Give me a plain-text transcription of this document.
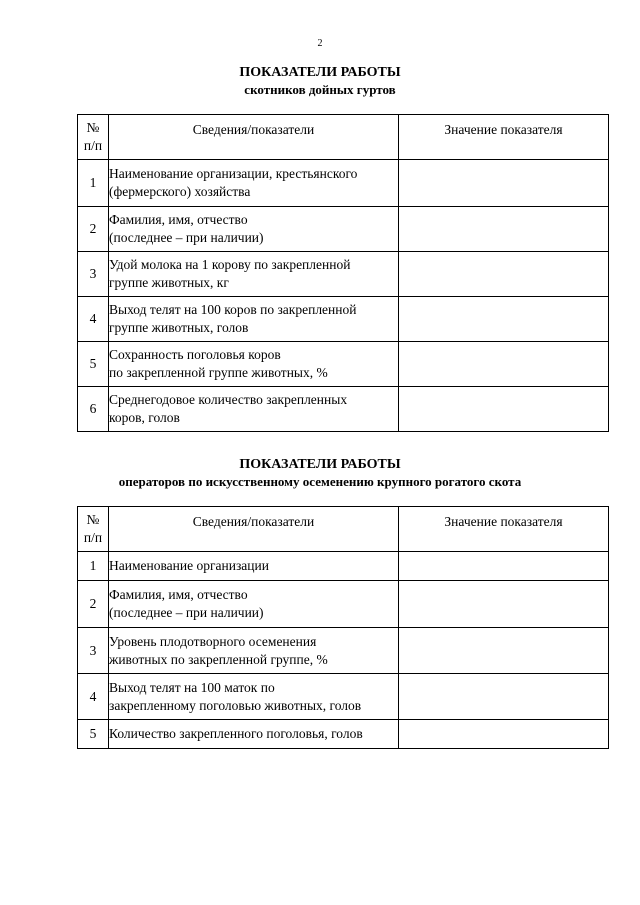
2
ПОКАЗАТЕЛИ РАБОТЫ
скотников дойных гуртов
№
п/п	Сведения/показатели	Значение показателя
1	Наименование организации, крестьянского
(фермерского) хозяйства	
2	Фамилия, имя, отчество
(последнее – при наличии)	
3	Удой молока на 1 корову по закрепленной
группе животных, кг	
4	Выход телят на 100 коров по закрепленной
группе животных, голов	
5	Сохранность поголовья коров
по закрепленной группе животных, %	
6	Среднегодовое количество закрепленных
коров, голов	
ПОКАЗАТЕЛИ РАБОТЫ
операторов по искусственному осеменению крупного рогатого скота
№
п/п	Сведения/показатели	Значение показателя
1	Наименование организации	
2	Фамилия, имя, отчество
(последнее – при наличии)	
3	Уровень плодотворного осеменения
животных по закрепленной группе, %	
4	Выход телят на 100 маток по
закрепленному поголовью животных, голов	
5	Количество закрепленного поголовья, голов	
